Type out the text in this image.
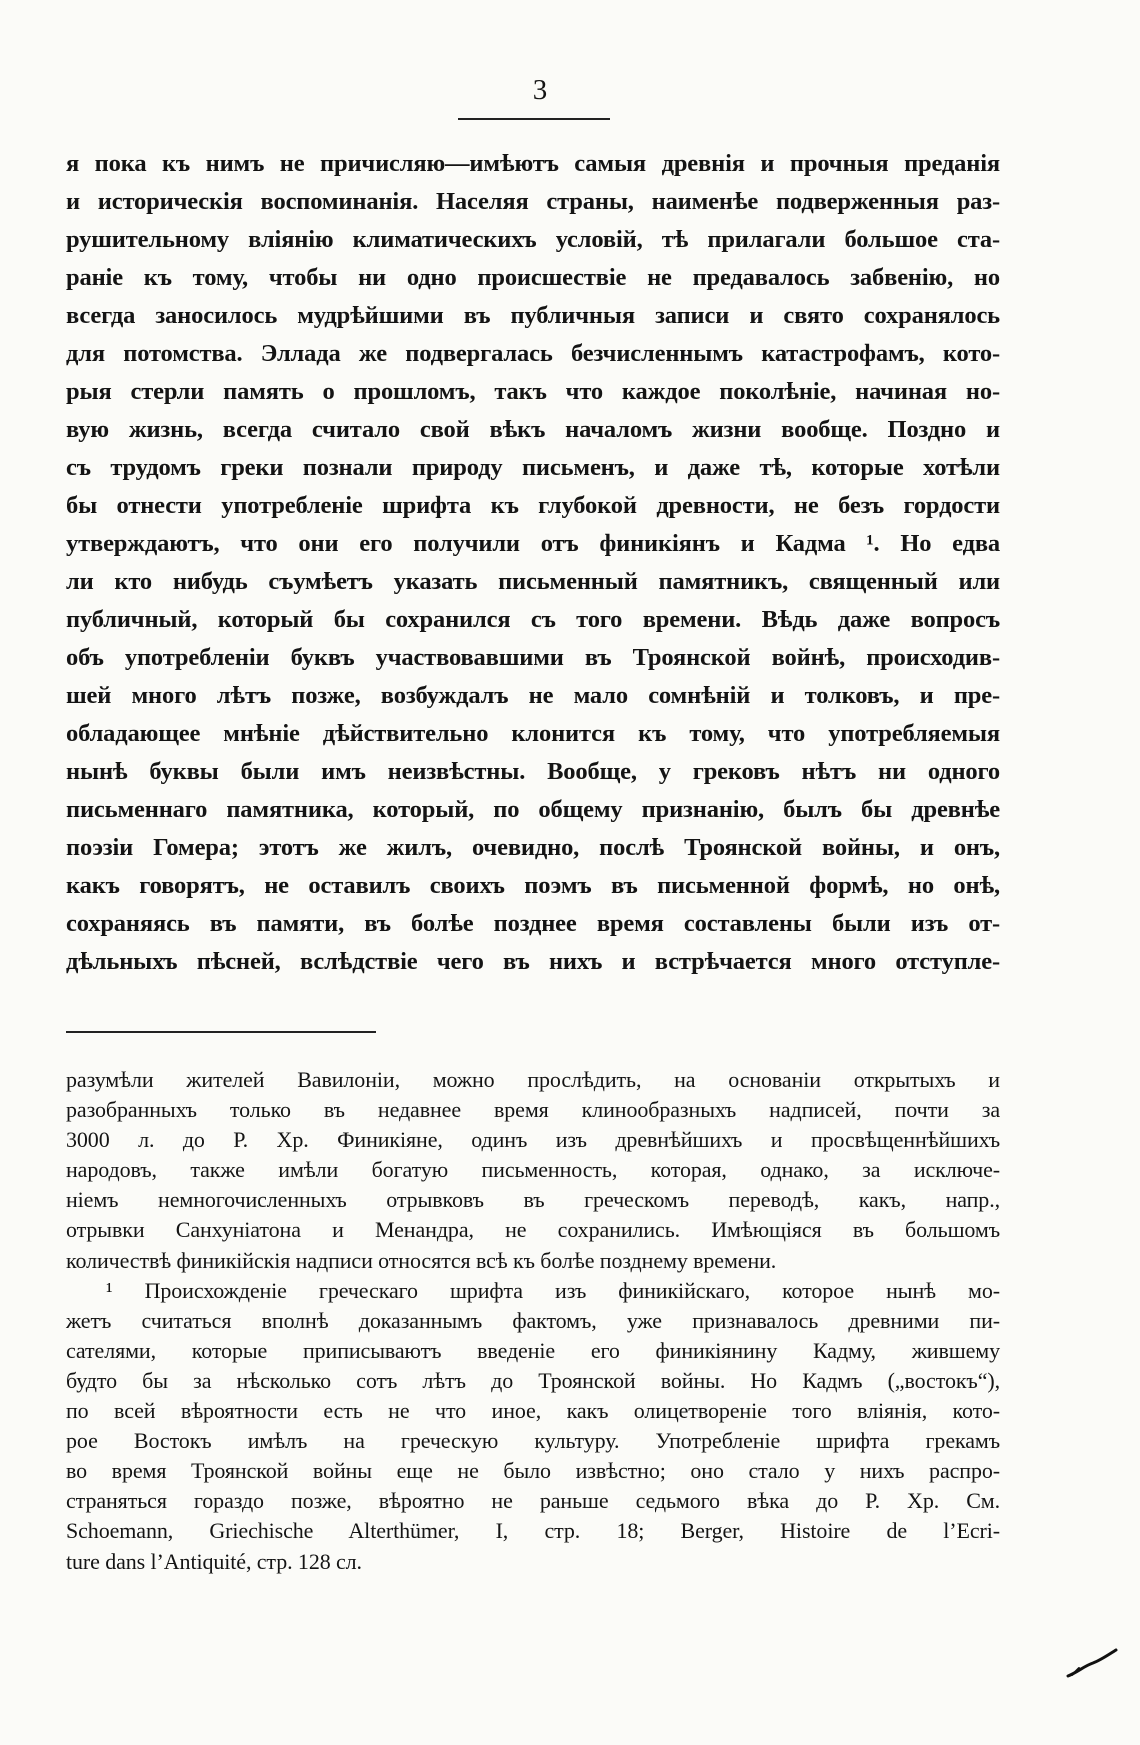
3
я пока къ нимъ не причисляю—имѣютъ самыя древнія и прочныя преданія
и историческія воспоминанія. Населяя страны, наименѣе подверженныя раз-
рушительному вліянію климатическихъ условій, тѣ прилагали большое ста-
раніе къ тому, чтобы ни одно происшествіе не предавалось забвенію, но
всегда заносилось мудрѣйшими въ публичныя записи и свято сохранялось
для потомства. Эллада же подвергалась безчисленнымъ катастрофамъ, кото-
рыя стерли память о прошломъ, такъ что каждое поколѣніе, начиная но-
вую жизнь, всегда считало свой вѣкъ началомъ жизни вообще. Поздно и
съ трудомъ греки познали природу письменъ, и даже тѣ, которые хотѣли
бы отнести употребленіе шрифта къ глубокой древности, не безъ гордости
утверждаютъ, что они его получили отъ финикіянъ и Кадма ¹. Но едва
ли кто нибудь съумѣетъ указать письменный памятникъ, священный или
публичный, который бы сохранился съ того времени. Вѣдь даже вопросъ
объ употребленіи буквъ участвовавшими въ Троянской войнѣ, происходив-
шей много лѣтъ позже, возбуждалъ не мало сомнѣній и толковъ, и пре-
обладающее мнѣніе дѣйствительно клонится къ тому, что употребляемыя
нынѣ буквы были имъ неизвѣстны. Вообще, у грековъ нѣтъ ни одного
письменнаго памятника, который, по общему признанію, былъ бы древнѣе
поэзіи Гомера; этотъ же жилъ, очевидно, послѣ Троянской войны, и онъ,
какъ говорятъ, не оставилъ своихъ поэмъ въ письменной формѣ, но онѣ,
сохраняясь въ памяти, въ болѣе позднее время составлены были изъ от-
дѣльныхъ пѣсней, вслѣдствіе чего въ нихъ и встрѣчается много отступле-
разумѣли жителей Вавилоніи, можно прослѣдить, на основаніи открытыхъ и
разобранныхъ только въ недавнее время клинообразныхъ надписей, почти за
3000 л. до Р. Хр. Финикіяне, одинъ изъ древнѣйшихъ и просвѣщеннѣйшихъ
народовъ, также имѣли богатую письменность, которая, однако, за исключе-
ніемъ немногочисленныхъ отрывковъ въ греческомъ переводѣ, какъ, напр.,
отрывки Санхуніатона и Менандра, не сохранились. Имѣющіяся въ большомъ
количествѣ финикійскія надписи относятся всѣ къ болѣе позднему времени.
¹ Происхожденіе греческаго шрифта изъ финикійскаго, которое нынѣ мо-
жетъ считаться вполнѣ доказаннымъ фактомъ, уже признавалось древними пи-
сателями, которые приписываютъ введеніе его финикіянину Кадму, жившему
будто бы за нѣсколько сотъ лѣтъ до Троянской войны. Но Кадмъ („востокъ“),
по всей вѣроятности есть не что иное, какъ олицетвореніе того вліянія, кото-
рое Востокъ имѣлъ на греческую культуру. Употребленіе шрифта грекамъ
во время Троянской войны еще не было извѣстно; оно стало у нихъ распро-
страняться гораздо позже, вѣроятно не раньше седьмого вѣка до Р. Хр. См.
Schoemann, Griechische Alterthümer, I, стр. 18; Berger, Histoire de l’Ecri-
ture dans l’Antiquité, стр. 128 сл.
